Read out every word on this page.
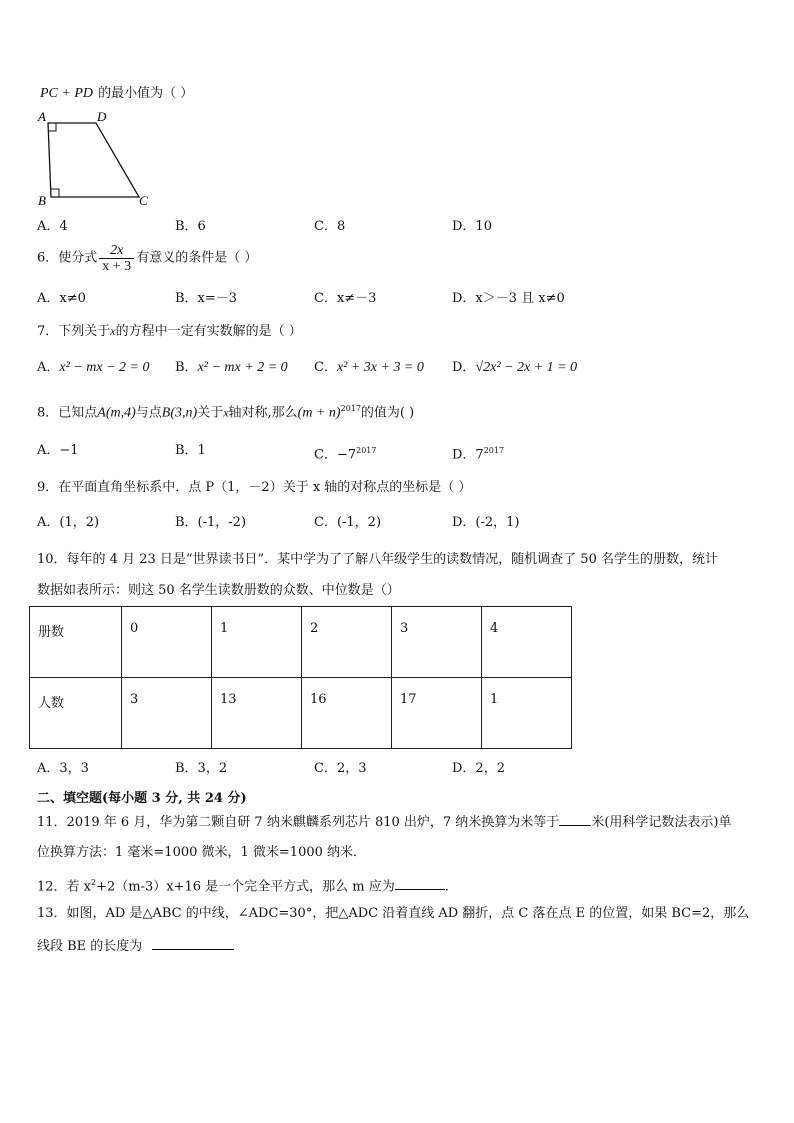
PC + PD 的最小值为（ ）
A	D
B	C
A．4	B．6	C．8	D．10
6．使分式 $\frac{2x}{x + 3}$ 有意义的条件是（ ）
A．x≠0	B．x=－3	C．x≠－3	D．x＞－3 且 x≠0
7．下列关于x的方程中一定有实数解的是（ ）
A．x² − mx − 2 = 0 B．x² − mx + 2 = 0 C．x² + 3x + 3 = 0 D．√2x² − 2x + 1 = 0
8．已知点A(m,4)与点B(3,n)关于x轴对称,那么$(m + n)^{2017}$的值为( )
A．−1	B．1	C．$-7^{2017}$	D．$7^{2017}$
9．在平面直角坐标系中．点 P（1，－2）关于 x 轴的对称点的坐标是（ ）
A．(1，2)	B．(-1，-2)	C．(-1，2)	D．(-2，1)
10．每年的 4 月 23 日是“世界读书日”．某中学为了了解八年级学生的读数情况，随机调查了 50 名学生的册数，统计
数据如表所示：则这 50 名学生读数册数的众数、中位数是（）
册数	0	1	2	3	4
人数	3	13	16	17	1
A．3，3	B．3，2	C．2，3	D．2，2
二、填空题(每小题 3 分, 共 24 分)
11．2019 年 6 月，华为第二颗自研 7 纳米麒麟系列芯片 810 出炉，7 纳米换算为米等于 米(用科学记数法表示)单
位换算方法：1 毫米=1000 微米，1 微米=1000 纳米．
12．若 $x^2+2(m-3)x+16$ 是一个完全平方式，那么 m 应为	.
13．如图，AD 是△ABC 的中线，∠ADC=30°，把△ADC 沿着直线 AD 翻折，点 C 落在点 E 的位置，如果 BC=2，那么
线段 BE 的长度为
